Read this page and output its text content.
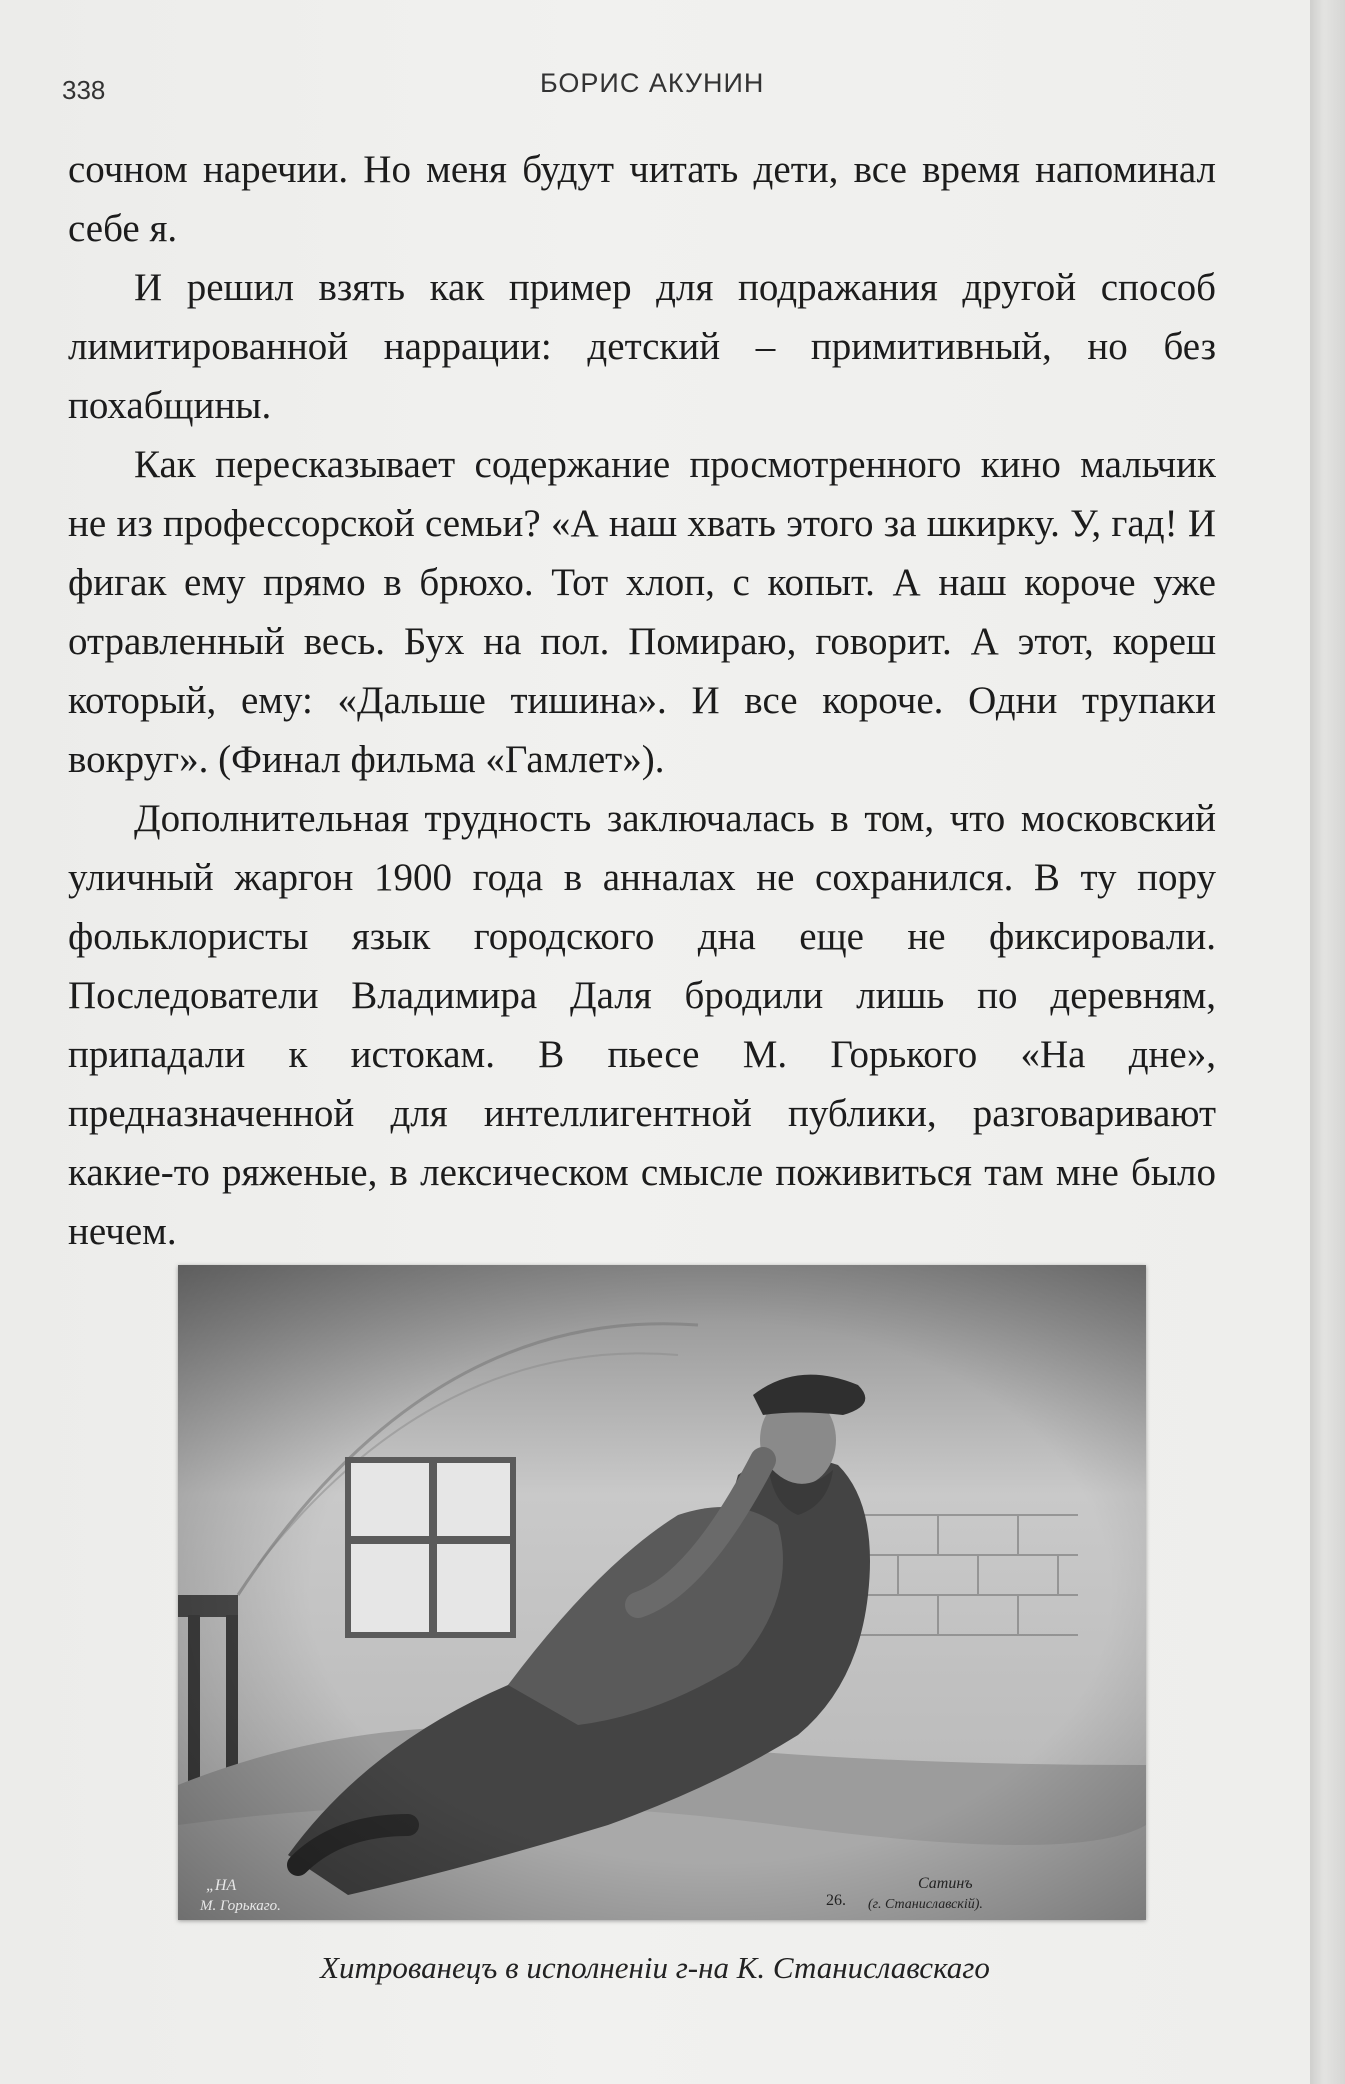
338	БОРИС АКУНИН

сочном наречии. Но меня будут читать дети, все время напоминал себе я.

И решил взять как пример для подражания другой способ лимитированной наррации: детский – примитивный, но без похабщины.

Как пересказывает содержание просмотренного кино мальчик не из профессорской семьи? «А наш хвать этого за шкирку. У, гад! И фигак ему прямо в брюхо. Тот хлоп, с копыт. А наш короче уже отравленный весь. Бух на пол. Помираю, говорит. А этот, кореш который, ему: «Дальше тишина». И все короче. Одни трупаки вокруг». (Финал фильма «Гамлет»).

Дополнительная трудность заключалась в том, что московский уличный жаргон 1900 года в анналах не сохранился. В ту пору фольклористы язык городского дна еще не фиксировали. Последователи Владимира Даля бродили лишь по деревням, припадали к истокам. В пьесе М. Горького «На дне», предназначенной для интеллигентной публики, разговаривают какие-то ряженые, в лексическом смысле поживиться там мне было нечем.

„НА
М. Горькаго.	26.
Сатинъ
(г. Станиславскій).
Хитрованецъ в исполненіи г-на К. Станиславскаго
